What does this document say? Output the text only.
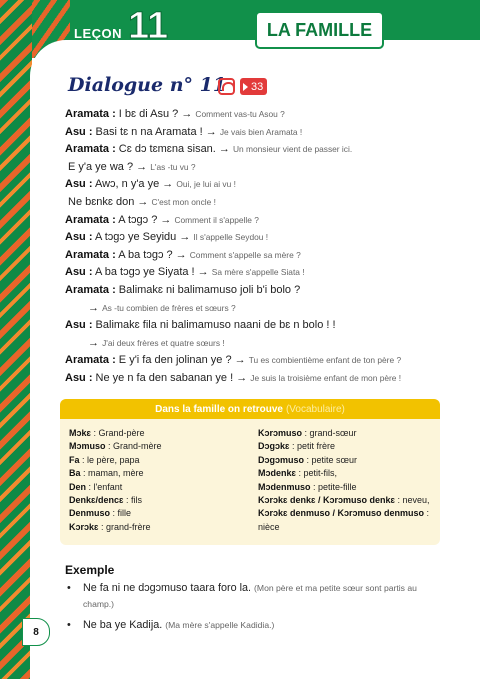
LEÇON 11	LA FAMILLE
Dialogue n° 11 33
Aramata : I bɛ di Asu ? → Comment vas-tu Asou ?
Asu : Basi tɛ n na Aramata ! → Je vais bien Aramata !
Aramata : Cɛ dɔ tɛmɛna sisan. → Un monsieur vient de passer ici.
E y'a ye wa ? → L'as -tu vu ?
Asu : Awɔ, n y'a ye → Oui, je lui ai vu !
Ne bɛnkɛ don → C'est mon oncle !
Aramata : A tɔgɔ ? → Comment il s'appelle ?
Asu : A tɔgɔ ye Seyidu → Il s'appelle Seydou !
Aramata : A ba tɔgɔ ? → Comment s'appelle sa mère ?
Asu : A ba tɔgɔ ye Siyata ! → Sa mère s'appelle Siata !
Aramata : Balimakɛ ni balimamuso joli b'i bolo ?
→ As -tu combien de frères et sœurs ?
Asu : Balimakɛ fila ni balimamuso naani de bɛ n bolo ! !
→ J'ai deux frères et quatre sœurs !
Aramata : E y'i fa den jolinan ye ? → Tu es combientième enfant de ton père ?
Asu : Ne ye n fa den sabanan ye ! → Je suis la troisième enfant de mon père !
Dans la famille on retrouve (Vocabulaire)
Mɔkɛ : Grand-père
Mɔmuso : Grand-mère
Fa : le père, papa
Ba : maman, mère
Den : l'enfant
Denkɛ/dencɛ : fils
Denmuso : fille
Kɔrɔkɛ : grand-frère
Kɔrɔmuso : grand-sœur
Dɔgɔkɛ : petit frère
Dɔgɔmuso : petite sœur
Mɔdenkɛ : petit-fils,
Mɔdenmuso : petite-fille
Kɔrɔkɛ denkɛ / Kɔrɔmuso denkɛ : neveu,
Kɔrɔkɛ denmuso / Kɔrɔmuso denmuso :
nièce
Exemple
• Ne fa ni ne dɔgɔmuso taara foro la. (Mon père et ma petite sœur sont partis au champ.)
• Ne ba ye Kadija. (Ma mère s'appelle Kadidia.)
8
